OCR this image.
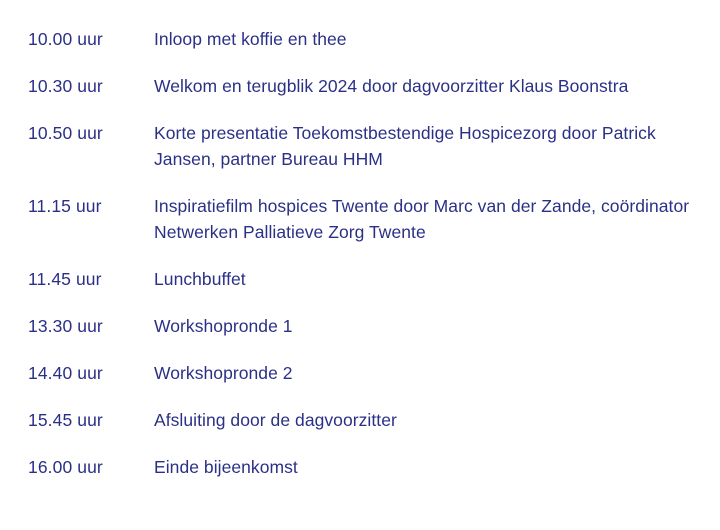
10.00 uur	Inloop met koffie en thee
10.30 uur	Welkom en terugblik 2024 door dagvoorzitter Klaus Boonstra
10.50 uur	Korte presentatie Toekomstbestendige Hospicezorg door Patrick Jansen, partner Bureau HHM
11.15 uur	Inspiratiefilm hospices Twente door Marc van der Zande, coördinator Netwerken Palliatieve Zorg Twente
11.45 uur	Lunchbuffet
13.30 uur	Workshopronde 1
14.40 uur	Workshopronde 2
15.45 uur	Afsluiting door de dagvoorzitter
16.00 uur	Einde bijeenkomst
